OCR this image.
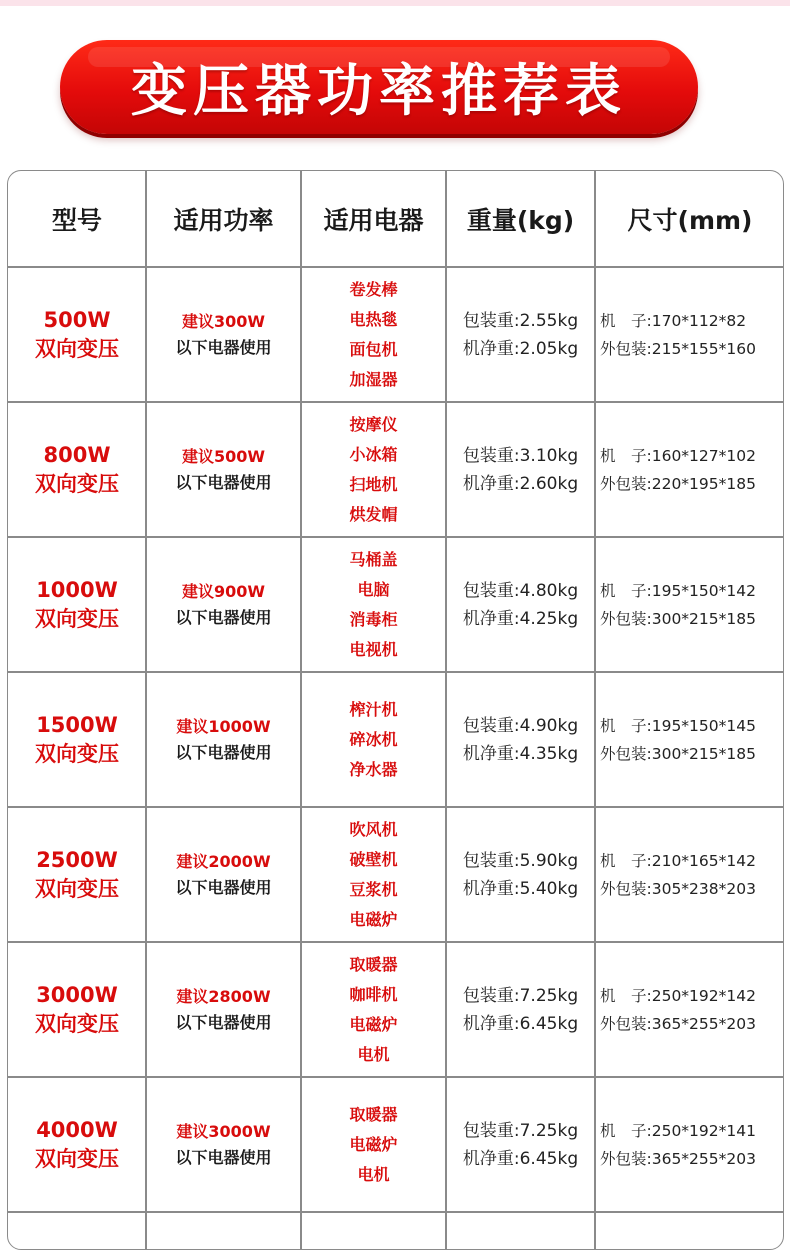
变压器功率推荐表
型号	适用功率 适用电器 重量(kg) 尺寸(mm)
500W
双向变压
建议300W
以下电器使用
卷发棒
电热毯
面包机
加湿器
包装重:2.55kg
机净重:2.05kg
机　子:170*112*82
外包装:215*155*160
800W
双向变压
建议500W
以下电器使用
按摩仪
小冰箱
扫地机
烘发帽
包装重:3.10kg
机净重:2.60kg
机　子:160*127*102
外包装:220*195*185
1000W
双向变压
建议900W
以下电器使用
马桶盖
电脑
消毒柜
电视机
包装重:4.80kg
机净重:4.25kg
机　子:195*150*142
外包装:300*215*185
1500W
双向变压
建议1000W
以下电器使用
榨汁机
碎冰机
净水器
包装重:4.90kg
机净重:4.35kg
机　子:195*150*145
外包装:300*215*185
2500W
双向变压
建议2000W
以下电器使用
吹风机
破壁机
豆浆机
电磁炉
包装重:5.90kg
机净重:5.40kg
机　子:210*165*142
外包装:305*238*203
3000W
双向变压
建议2800W
以下电器使用
取暖器
咖啡机
电磁炉
电机
包装重:7.25kg
机净重:6.45kg
机　子:250*192*142
外包装:365*255*203
4000W
双向变压
建议3000W
以下电器使用
取暖器
电磁炉
电机
包装重:7.25kg
机净重:6.45kg
机　子:250*192*141
外包装:365*255*203
